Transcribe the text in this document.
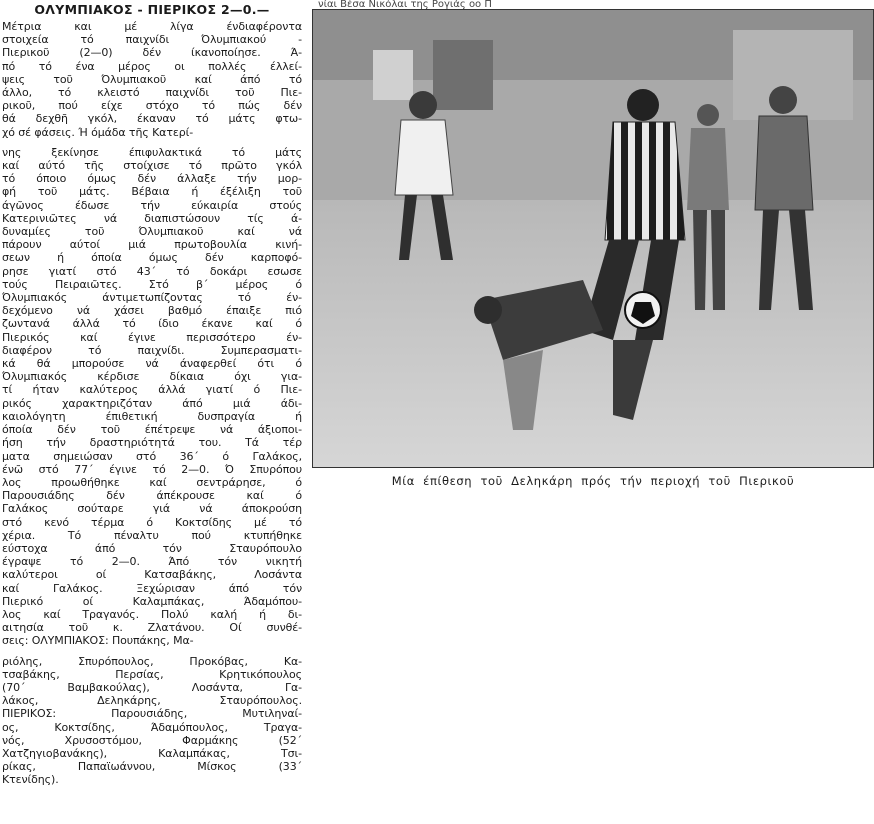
ΟΛΥΜΠΙΑΚΟΣ - ΠΙΕΡΙΚΟΣ 2—0.—
Μέτρια και μέ λίγα ένδιαφέροντα
στοιχεία τό παιχνίδι Όλυμπιακού -
Πιερικοῦ (2—0) δέν ίκανοποίησε. Ά-
πό τό ένα μέρος οι πολλές έλλεί-
ψεις τοῦ Όλυμπιακοῦ καί άπό τό
άλλο, τό κλειστό παιχνίδι τοῦ Πιε-
ρικοῦ, πού είχε στόχο τό πώς δέν
θά δεχθῆ γκόλ, έκαναν τό μάτς φτω-
χό σέ φάσεις. Ή όμάδα τῆς Κατερί-
νης ξεκίνησε έπιφυλακτικά τό μάτς
καί αύτό τῆς στοίχισε τό πρῶτο γκόλ
τό όποιο όμως δέν άλλαξε τήν μορ-
φή τοῦ μάτς. Βέβαια ή έξέλιξη τοῦ
άγῶνος έδωσε τήν εύκαιρία στούς
Κατερινιῶτες νά διαπιστώσουν τίς ά-
δυναμίες τοῦ Όλυμπιακοῦ καί νά
πάρουν αύτοί μιά πρωτοβουλία κινή-
σεων ή όποία όμως δέν καρποφό-
ρησε γιατί στό 43΄ τό δοκάρι εσωσε
τούς Πειραιῶτες. Στό β΄ μέρος ό
Όλυμπιακός άντιμετωπίζοντας τό έν-
δεχόμενο νά χάσει βαθμό έπαιξε πιό
ζωντανά άλλά τό ίδιο έκανε καί ό
Πιερικός καί έγινε περισσότερο έν-
διαφέρον τό παιχνίδι. Συμπερασματι-
κά θά μπορούσε νά άναφερθεί ότι ό
Όλυμπιακός κέρδισε δίκαια όχι για-
τί ήταν καλύτερος άλλά γιατί ό Πιε-
ρικός χαρακτηριζόταν άπό μιά άδι-
καιολόγητη έπιθετική δυσπραγία ή
όποία δέν τοῦ έπέτρεψε νά άξιοποι-
ήση τήν δραστηριότητά του. Τά τέρ
ματα σημειώσαν στό 36΄ ό Γαλάκος,
ένῶ στό 77΄ έγινε τό 2—0. Ό Σπυρόπου
λος προωθήθηκε καί σεντράρησε, ό
Παρουσιάδης δέν άπέκρουσε καί ό
Γαλάκος σούταρε γιά νά άποκρούση
στό κενό τέρμα ό Κοκτσίδης μέ τό
χέρια. Τό πέναλτυ πού κτυπήθηκε
εύστοχα άπό τόν Σταυρόπουλο
έγραψε τό 2—0. Άπό τόν νικητή
καλύτεροι οί Κατσαβάκης, Λοσάντα
καί Γαλάκος. Ξεχώρισαν άπό τόν
Πιερικό οί Καλαμπάκας, Άδαμόπου-
λος καί Τραγανός. Πολύ καλή ή δι-
αιτησία τοῦ κ. Ζλατάνου. Οί συνθέ-
σεις: ΟΛΥΜΠΙΑΚΟΣ: Πουπάκης, Μα-
ριόλης, Σπυρόπουλος, Προκόβας, Κα-
τσαβάκης, Περσίας, Κρητικόπουλος
(70΄ Βαμβακούλας), Λοσάντα, Γα-
λάκος, Δεληκάρης, Σταυρόπουλος.
ΠΙΕΡΙΚΟΣ: Παρουσιάδης, Μυτιληναί-
ος, Κοκτσίδης, Άδαμόπουλος, Τραγα-
νός, Χρυσοστόμου, Φαρμάκης (52΄
Χατζηγιοβανάκης), Καλαμπάκας, Τσι-
ρίκας, Παπαϊωάννου, Μίσκος (33΄
Κτενίδης).
νίαι Βέσα Νικόλαι της Ρογιάς οο Π
Μία έπίθεση τοῦ Δεληκάρη πρός τήν περιοχή τοῦ Πιερικοῦ
